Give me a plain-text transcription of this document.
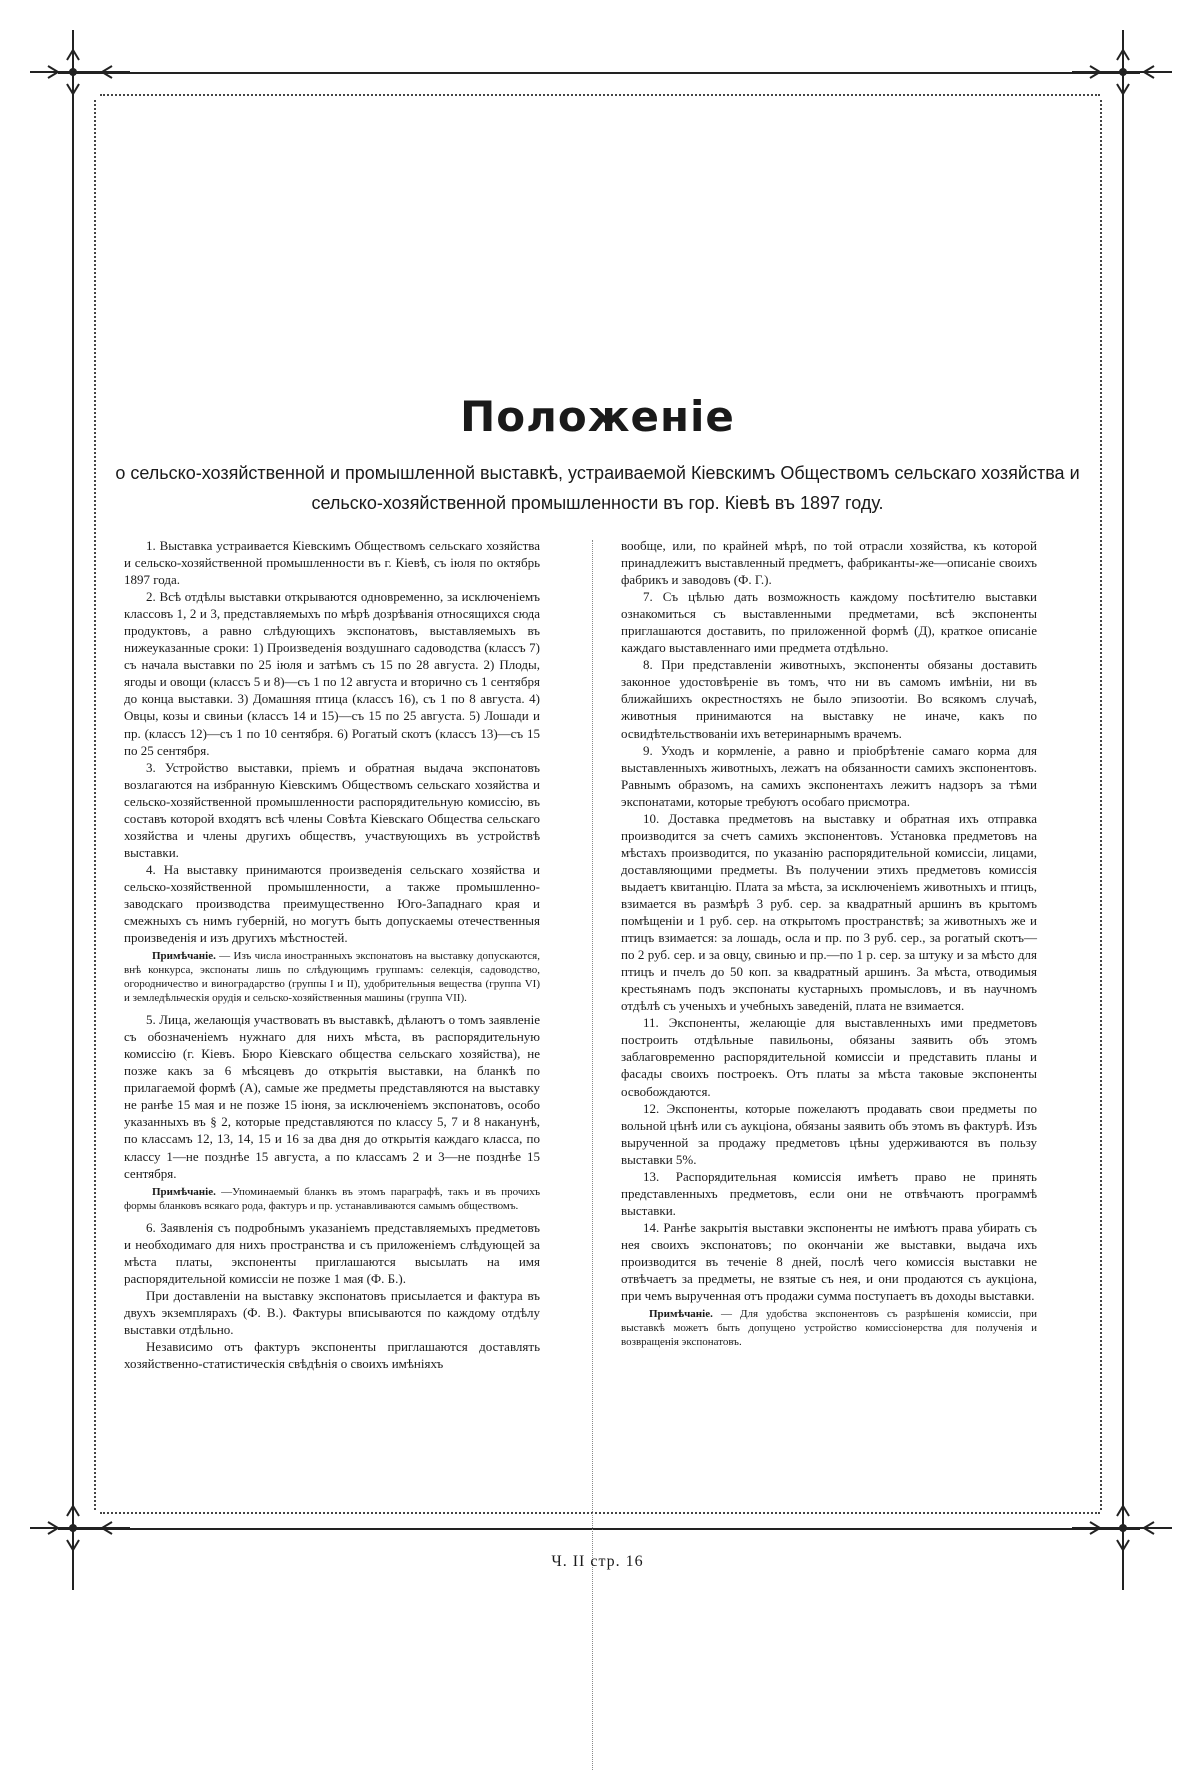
Положенiе
о сельско-хозяйственной и промышленной выставкѣ, устраиваемой Кiевскимъ Обществомъ сельскаго хозяйства и сельско-хозяйственной промышленности въ гор. Кiевѣ въ 1897 году.

1. Выставка устраивается Кiевскимъ Обществомъ сельскаго хозяйства и сельско-хозяйственной промышленности въ г. Кiевѣ, съ iюля по октябрь 1897 года.

2. Всѣ отдѣлы выставки открываются одновременно, за исключенiемъ классовъ 1, 2 и 3, представляемыхъ по мѣрѣ дозрѣванiя относящихся сюда продуктовъ, а равно слѣдующихъ экспонатовъ, выставляемыхъ въ нижеуказанные сроки: 1) Произведенiя воздушнаго садоводства (классъ 7) съ начала выставки по 25 iюля и затѣмъ съ 15 по 28 августа. 2) Плоды, ягоды и овощи (классъ 5 и 8)—съ 1 по 12 августа и вторично съ 1 сентября до конца выставки. 3) Домашняя птица (классъ 16), съ 1 по 8 августа. 4) Овцы, козы и свиньи (классъ 14 и 15)—съ 15 по 25 августа. 5) Лошади и пр. (классъ 12)—съ 1 по 10 сентября. 6) Рогатый скотъ (классъ 13)—съ 15 по 25 сентября.

3. Устройство выставки, прiемъ и обратная выдача экспонатовъ возлагаются на избранную Кiевскимъ Обществомъ сельскаго хозяйства и сельско-хозяйственной промышленности распорядительную комиссiю, въ составъ которой входятъ всѣ члены Совѣта Кiевскаго Общества сельскаго хозяйства и члены другихъ обществъ, участвующихъ въ устройствѣ выставки.

4. На выставку принимаются произведенiя сельскаго хозяйства и сельско-хозяйственной промышленности, а также промышленно-заводскаго производства преимущественно Юго-Западнаго края и смежныхъ съ нимъ губернiй, но могутъ быть допускаемы отечественныя произведенiя и изъ другихъ мѣстностей.

Примѣчанiе. — Изъ числа иностранныхъ экспонатовъ на выставку допускаются, внѣ конкурса, экспонаты лишь по слѣдующимъ группамъ: селекцiя, садоводство, огородничество и виноградарство (группы I и II), удобрительныя вещества (группа VI) и земледѣльческiя орудiя и сельско-хозяйственныя машины (группа VII).

5. Лица, желающiя участвовать въ выставкѣ, дѣлаютъ о томъ заявленiе съ обозначенiемъ нужнаго для нихъ мѣста, въ распорядительную комиссiю (г. Кiевъ. Бюро Кiевскаго общества сельскаго хозяйства), не позже какъ за 6 мѣсяцевъ до открытiя выставки, на бланкѣ по прилагаемой формѣ (А), самые же предметы представляются на выставку не ранѣе 15 мая и не позже 15 iюня, за исключенiемъ экспонатовъ, особо указанныхъ въ § 2, которые представляются по классу 5, 7 и 8 наканунѣ, по классамъ 12, 13, 14, 15 и 16 за два дня до открытiя каждаго класса, по классу 1—не позднѣе 15 августа, а по классамъ 2 и 3—не позднѣе 15 сентября.

Примѣчанiе. —Упоминаемый бланкъ въ этомъ параграфѣ, такъ и въ прочихъ формы бланковъ всякаго рода, фактуръ и пр. устанавливаются самымъ обществомъ.

6. Заявленiя съ подробнымъ указанiемъ представляемыхъ предметовъ и необходимаго для нихъ пространства и съ приложенiемъ слѣдующей за мѣста платы, экспоненты приглашаются высылать на имя распорядительной комиссiи не позже 1 мая (Ф. Б.).

При доставленiи на выставку экспонатовъ присылается и фактура въ двухъ экземплярахъ (Ф. В.). Фактуры вписываются по каждому отдѣлу выставки отдѣльно.

Независимо отъ фактуръ экспоненты приглашаются доставлять хозяйственно-статистическiя свѣдѣнiя о своихъ имѣнiяхъ

вообще, или, по крайней мѣрѣ, по той отрасли хозяйства, къ которой принадлежитъ выставленный предметъ, фабриканты-же—описанiе своихъ фабрикъ и заводовъ (Ф. Г.).

7. Съ цѣлью дать возможность каждому посѣтителю выставки ознакомиться съ выставленными предметами, всѣ экспоненты приглашаются доставить, по приложенной формѣ (Д), краткое описанiе каждаго выставленнаго ими предмета отдѣльно.

8. При представленiи животныхъ, экспоненты обязаны доставить законное удостовѣренiе въ томъ, что ни въ самомъ имѣнiи, ни въ ближайшихъ окрестностяхъ не было эпизоотiи. Во всякомъ случаѣ, животныя принимаются на выставку не иначе, какъ по освидѣтельствованiи ихъ ветеринарнымъ врачемъ.

9. Уходъ и кормленiе, а равно и прiобрѣтенiе самаго корма для выставленныхъ животныхъ, лежатъ на обязанности самихъ экспонентовъ. Равнымъ образомъ, на самихъ экспонентахъ лежитъ надзоръ за тѣми экспонатами, которые требуютъ особаго присмотра.

10. Доставка предметовъ на выставку и обратная ихъ отправка производится за счетъ самихъ экспонентовъ. Установка предметовъ на мѣстахъ производится, по указанiю распорядительной комиссiи, лицами, доставляющими предметы. Въ получении этихъ предметовъ комиссiя выдаетъ квитанцiю. Плата за мѣста, за исключенiемъ животныхъ и птицъ, взимается въ размѣрѣ 3 руб. сер. за квадратный аршинъ въ крытомъ помѣщенiи и 1 руб. сер. на открытомъ пространствѣ; за животныхъ же и птицъ взимается: за лошадь, осла и пр. по 3 руб. сер., за рогатый скотъ—по 2 руб. сер. и за овцу, свинью и пр.—по 1 р. сер. за штуку и за мѣсто для птицъ и пчелъ до 50 коп. за квадратный аршинъ. За мѣста, отводимыя крестьянамъ подъ экспонаты кустарныхъ промысловъ, и въ научномъ отдѣлѣ съ ученыхъ и учебныхъ заведенiй, плата не взимается.

11. Экспоненты, желающiе для выставленныхъ ими предметовъ построить отдѣльные павильоны, обязаны заявить объ этомъ заблаговременно распорядительной комиссiи и представить планы и фасады своихъ построекъ. Отъ платы за мѣста таковые экспоненты освобождаются.

12. Экспоненты, которые пожелаютъ продавать свои предметы по вольной цѣнѣ или съ аукцiона, обязаны заявить объ этомъ въ фактурѣ. Изъ вырученной за продажу предметовъ цѣны удерживаются въ пользу выставки 5%.

13. Распорядительная комиссiя имѣетъ право не принять представленныхъ предметовъ, если они не отвѣчаютъ программѣ выставки.

14. Ранѣе закрытiя выставки экспоненты не имѣютъ права убирать съ нея своихъ экспонатовъ; по окончанiи же выставки, выдача ихъ производится въ теченiе 8 дней, послѣ чего комиссiя выставки не отвѣчаетъ за предметы, не взятые съ нея, и они продаются съ аукцiона, при чемъ вырученная отъ продажи сумма поступаетъ въ доходы выставки.

Примѣчанiе. — Для удобства экспонентовъ съ разрѣшенiя комиссiи, при выставкѣ можетъ быть допущено устройство комиссiонерства для полученiя и возвращенiя экспонатовъ.

Ч. II стр. 16
